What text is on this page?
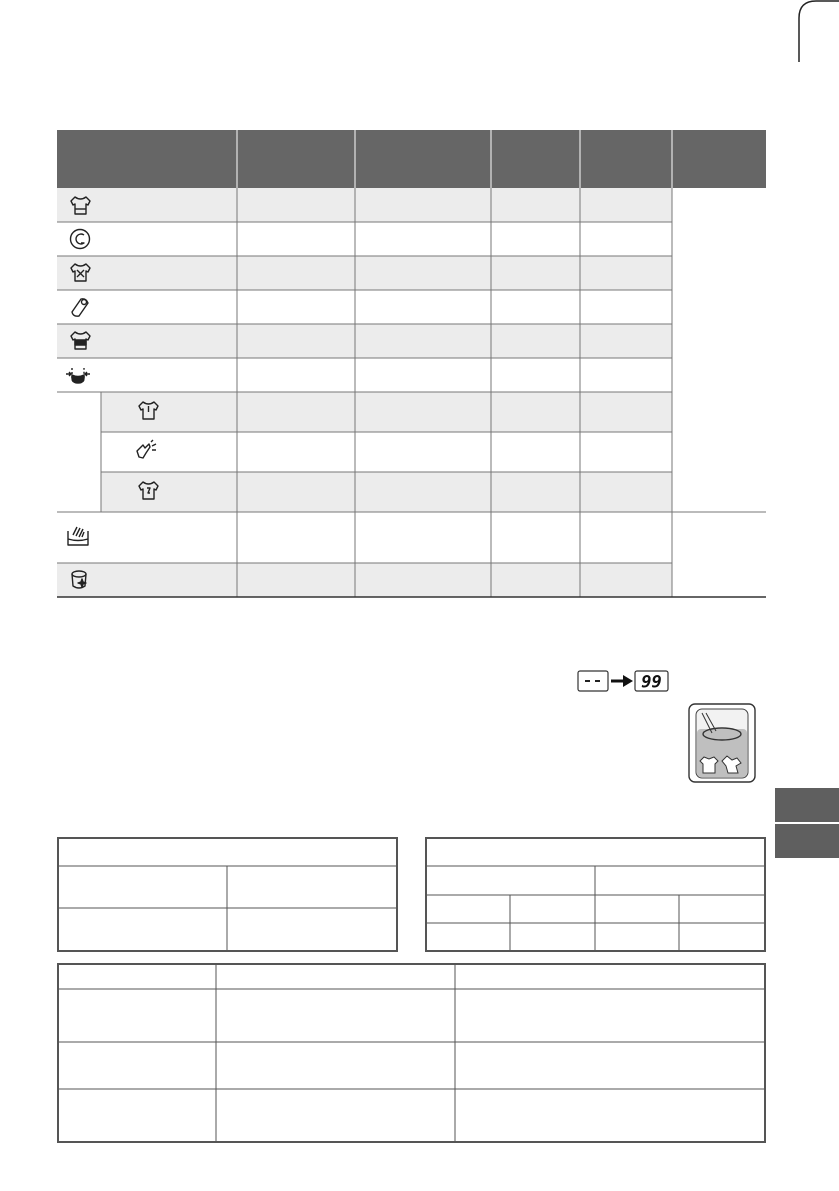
99
